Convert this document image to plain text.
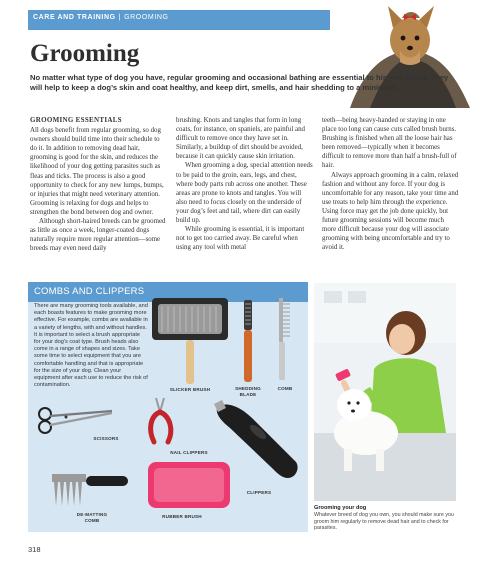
CARE AND TRAINING | GROOMING
Grooming

No matter what type of dog you have, regular grooming and occasional bathing are essential to his well-being. They will help to keep a dog’s skin and coat healthy, and keep dirt, smells, and hair shedding to a minimum.

GROOMING ESSENTIALS

All dogs benefit from regular grooming, so dog owners should build time into their schedule to do it. In addition to removing dead hair, grooming is good for the skin, and reduces the likelihood of your dog getting parasites such as fleas and ticks. The process is also a good opportunity to check for any new lumps, bumps, or injuries that might need veterinary attention. Grooming is relaxing for dogs and helps to strengthen the bond between dog and owner.

Although short-haired breeds can be groomed as little as once a week, longer-coated dogs naturally require more regular attention—some breeds may even need daily

brushing. Knots and tangles that form in long coats, for instance, on spaniels, are painful and difficult to remove once they have set in. Similarly, a buildup of dirt should be avoided, because it can quickly cause skin irritation.

When grooming a dog, special attention needs to be paid to the groin, ears, legs, and chest, where body parts rub across one another. These areas are prone to knots and tangles. You will also need to focus closely on the underside of your dog’s feet and tail, where dirt can easily build up.

While grooming is essential, it is important not to get too carried away. Be careful when using any tool with metal

teeth—being heavy-handed or staying in one place too long can cause cuts called brush burns. Brushing is finished when all the loose hair has been removed—typically when it becomes difficult to remove more than half a brush-full of hair.

Always approach grooming in a calm, relaxed fashion and without any force. If your dog is uncomfortable for any reason, take your time and use treats to help him through the experience. Using force may get the job done quickly, but future grooming sessions will become much more difficult because your dog will associate grooming with being uncomfortable and try to avoid it.

COMBS AND CLIPPERS

There are many grooming tools available, and each boasts features to make grooming more effective. For example, combs are available in a variety of lengths, with and without handles. It is important to select a brush appropriate for your dog’s coat type. Brush heads also come in a range of shapes and sizes. Take some time to select equipment that you are comfortable handling and that is appropriate for the size of your dog. Clean your equipment after each use to reduce the risk of contamination.

SLICKER BRUSH	SHEDDING
BLADE
COMB
SCISSORS
NAIL CLIPPERS
CLIPPERS
DE-MATTING
COMB
RUBBER BRUSH
Grooming your dog

Whatever breed of dog you own, you should make sure you groom him regularly to remove dead hair and to check for parasites.

318
